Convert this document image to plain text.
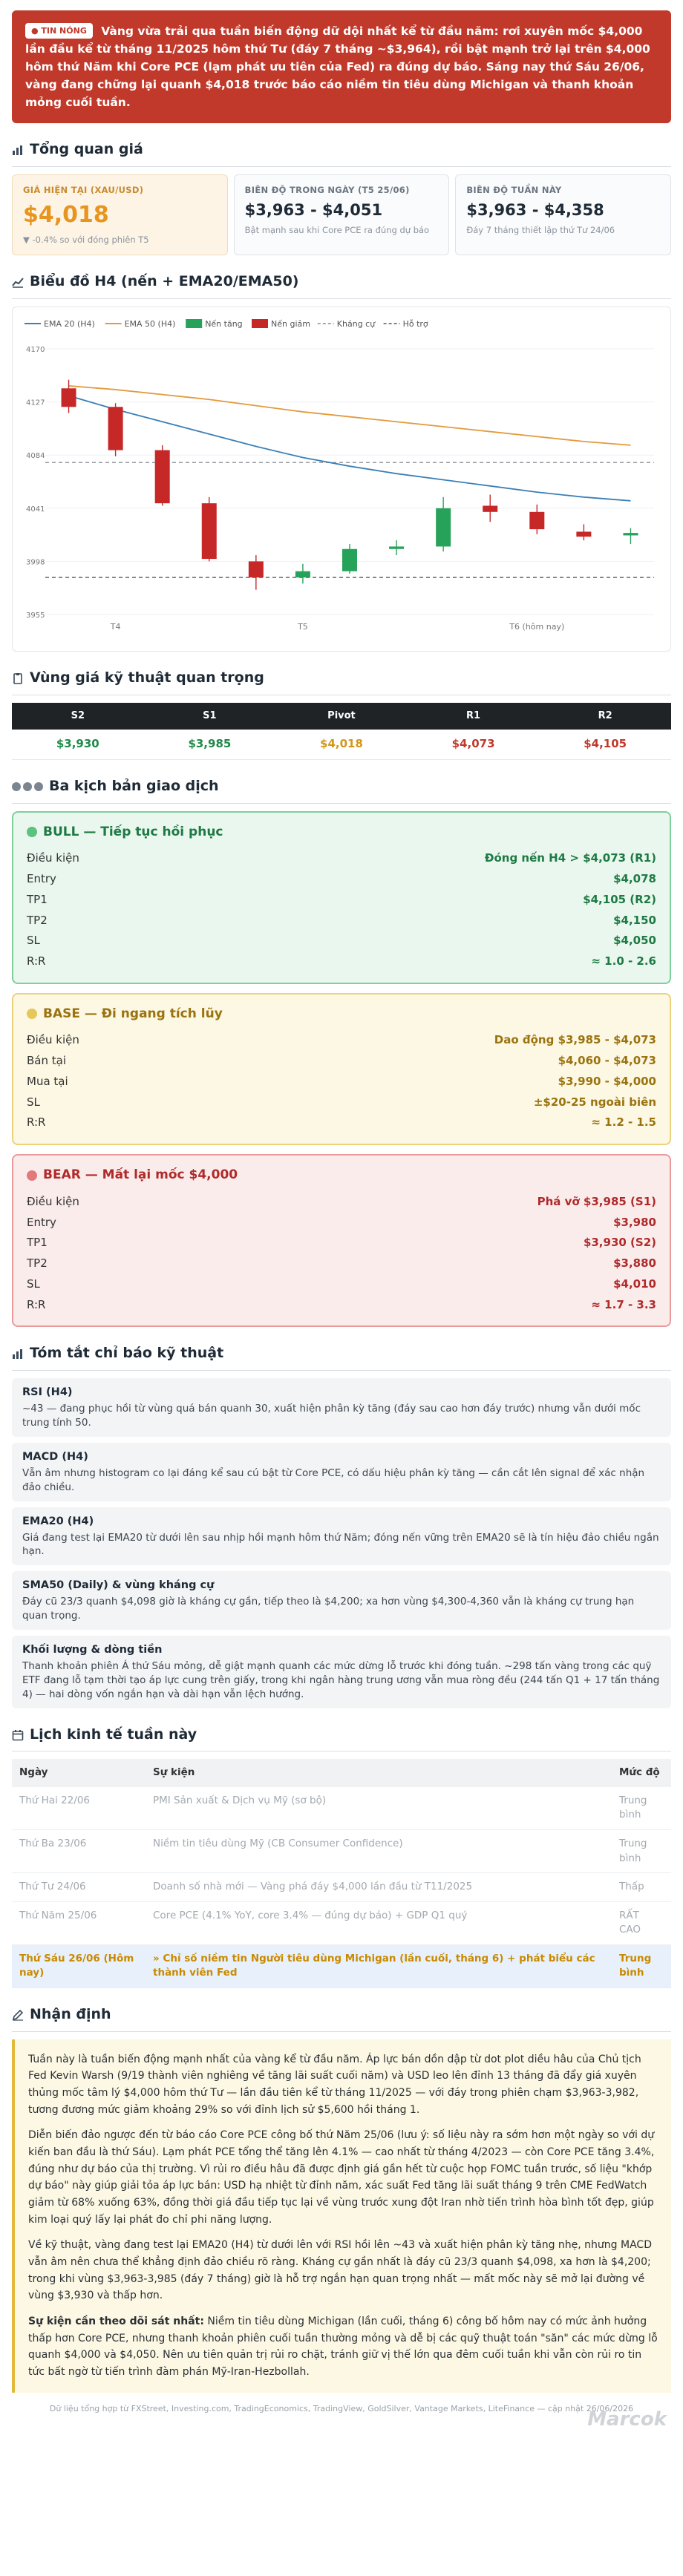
● TIN NÓNG Vàng vừa trải qua tuần biến động dữ dội nhất kể từ đầu năm: rơi xuyên mốc $4,000 lần đầu kể từ tháng 11/2025 hôm thứ Tư (đáy 7 tháng ~$3,964), rồi bật mạnh trở lại trên $4,000 hôm thứ Năm khi Core PCE (lạm phát ưu tiên của Fed) ra đúng dự báo. Sáng nay thứ Sáu 26/06, vàng đang chững lại quanh $4,018 trước báo cáo niềm tin tiêu dùng Michigan và thanh khoản mỏng cuối tuần.
Tổng quan giá
GIÁ HIỆN TẠI (XAU/USD)
$4,018
▼ -0.4% so với đóng phiên T5
BIÊN ĐỘ TRONG NGÀY (T5 25/06)
$3,963 - $4,051
Bật mạnh sau khi Core PCE ra đúng dự báo
BIÊN ĐỘ TUẦN NÀY
$3,963 - $4,358
Đáy 7 tháng thiết lập thứ Tư 24/06
Biểu đồ H4 (nến + EMA20/EMA50)
EMA 20 (H4)	EMA 50 (H4)	Nến tăng	Nến giảm	Kháng cự	Hỗ trợ
3955
3998
4041
4084
4127
4170
T4	T5	T6 (hôm nay)
Vùng giá kỹ thuật quan trọng
S2	S1	Pivot	R1	R2
$3,930	$3,985	$4,018	$4,073	$4,105
Ba kịch bản giao dịch
BULL — Tiếp tục hồi phục
Điều kiện	Đóng nến H4 > $4,073 (R1)
Entry	$4,078
TP1	$4,105 (R2)
TP2	$4,150
SL	$4,050
R:R	≈ 1.0 - 2.6
BASE — Đi ngang tích lũy
Điều kiện	Dao động $3,985 - $4,073
Bán tại	$4,060 - $4,073
Mua tại	$3,990 - $4,000
SL	±$20-25 ngoài biên
R:R	≈ 1.2 - 1.5
BEAR — Mất lại mốc $4,000
Điều kiện	Phá vỡ $3,985 (S1)
Entry	$3,980
TP1	$3,930 (S2)
TP2	$3,880
SL	$4,010
R:R	≈ 1.7 - 3.3
Tóm tắt chỉ báo kỹ thuật
RSI (H4)
~43 — đang phục hồi từ vùng quá bán quanh 30, xuất hiện phân kỳ tăng (đáy sau cao hơn đáy trước) nhưng vẫn dưới mốc trung tính 50.
MACD (H4)
Vẫn âm nhưng histogram co lại đáng kể sau cú bật từ Core PCE, có dấu hiệu phân kỳ tăng — cần cắt lên signal để xác nhận đảo chiều.
EMA20 (H4)
Giá đang test lại EMA20 từ dưới lên sau nhịp hồi mạnh hôm thứ Năm; đóng nến vững trên EMA20 sẽ là tín hiệu đảo chiều ngắn hạn.
SMA50 (Daily) & vùng kháng cự
Đáy cũ 23/3 quanh $4,098 giờ là kháng cự gần, tiếp theo là $4,200; xa hơn vùng $4,300-4,360 vẫn là kháng cự trung hạn quan trọng.
Khối lượng & dòng tiền
Thanh khoản phiên Á thứ Sáu mỏng, dễ giật mạnh quanh các mức dừng lỗ trước khi đóng tuần. ~298 tấn vàng trong các quỹ ETF đang lỗ tạm thời tạo áp lực cung trên giấy, trong khi ngân hàng trung ương vẫn mua ròng đều (244 tấn Q1 + 17 tấn tháng 4) — hai dòng vốn ngắn hạn và dài hạn vẫn lệch hướng.
Lịch kinh tế tuần này
Ngày	Sự kiện	Mức độ
Thứ Hai 22/06	PMI Sản xuất & Dịch vụ Mỹ (sơ bộ)	Trung bình
Thứ Ba 23/06	Niềm tin tiêu dùng Mỹ (CB Consumer Confidence)	Trung bình
Thứ Tư 24/06	Doanh số nhà mới — Vàng phá đáy $4,000 lần đầu từ T11/2025	Thấp
Thứ Năm 25/06	Core PCE (4.1% YoY, core 3.4% — đúng dự báo) + GDP Q1 quý	RẤT CAO
Thứ Sáu 26/06 (Hôm nay)	» Chỉ số niềm tin Người tiêu dùng Michigan (lần cuối, tháng 6) + phát biểu các thành viên Fed	Trung bình
Nhận định

Tuần này là tuần biến động mạnh nhất của vàng kể từ đầu năm. Áp lực bán dồn dập từ dot plot diều hâu của Chủ tịch Fed Kevin Warsh (9/19 thành viên nghiêng về tăng lãi suất cuối năm) và USD leo lên đỉnh 13 tháng đã đẩy giá xuyên thủng mốc tâm lý $4,000 hôm thứ Tư — lần đầu tiên kể từ tháng 11/2025 — với đáy trong phiên chạm $3,963-3,982, tương đương mức giảm khoảng 29% so với đỉnh lịch sử $5,600 hồi tháng 1.

Diễn biến đảo ngược đến từ báo cáo Core PCE công bố thứ Năm 25/06 (lưu ý: số liệu này ra sớm hơn một ngày so với dự kiến ban đầu là thứ Sáu). Lạm phát PCE tổng thể tăng lên 4.1% — cao nhất từ tháng 4/2023 — còn Core PCE tăng 3.4%, đúng như dự báo của thị trường. Vì rủi ro điều hâu đã được định giá gần hết từ cuộc họp FOMC tuần trước, số liệu "khớp dự báo" này giúp giải tỏa áp lực bán: USD hạ nhiệt từ đỉnh năm, xác suất Fed tăng lãi suất tháng 9 trên CME FedWatch giảm từ 68% xuống 63%, đồng thời giá đầu tiếp tục lại về vùng trước xung đột Iran nhờ tiến trình hòa bình tốt đẹp, giúp kim loại quý lấy lại phát đo chỉ phi năng lượng.

Về kỹ thuật, vàng đang test lại EMA20 (H4) từ dưới lên với RSI hồi lên ~43 và xuất hiện phân kỳ tăng nhẹ, nhưng MACD vẫn âm nên chưa thể khẳng định đảo chiều rõ ràng. Kháng cự gần nhất là đáy cũ 23/3 quanh $4,098, xa hơn là $4,200; trong khi vùng $3,963-3,985 (đáy 7 tháng) giờ là hỗ trợ ngắn hạn quan trọng nhất — mất mốc này sẽ mở lại đường về vùng $3,930 và thấp hơn.

Sự kiện cần theo dõi sát nhất: Niềm tin tiêu dùng Michigan (lần cuối, tháng 6) công bố hôm nay có mức ảnh hưởng thấp hơn Core PCE, nhưng thanh khoản phiên cuối tuần thường mỏng và dễ bị các quỹ thuật toán "săn" các mức dừng lỗ quanh $4,000 và $4,050. Nên ưu tiên quản trị rủi ro chặt, tránh giữ vị thế lớn qua đêm cuối tuần khi vẫn còn rủi ro tin tức bất ngờ từ tiến trình đàm phán Mỹ-Iran-Hezbollah.

Dữ liệu tổng hợp từ FXStreet, Investing.com, TradingEconomics, TradingView, GoldSilver, Vantage Markets, LiteFinance — cập nhật 26/06/2026
Marcok
